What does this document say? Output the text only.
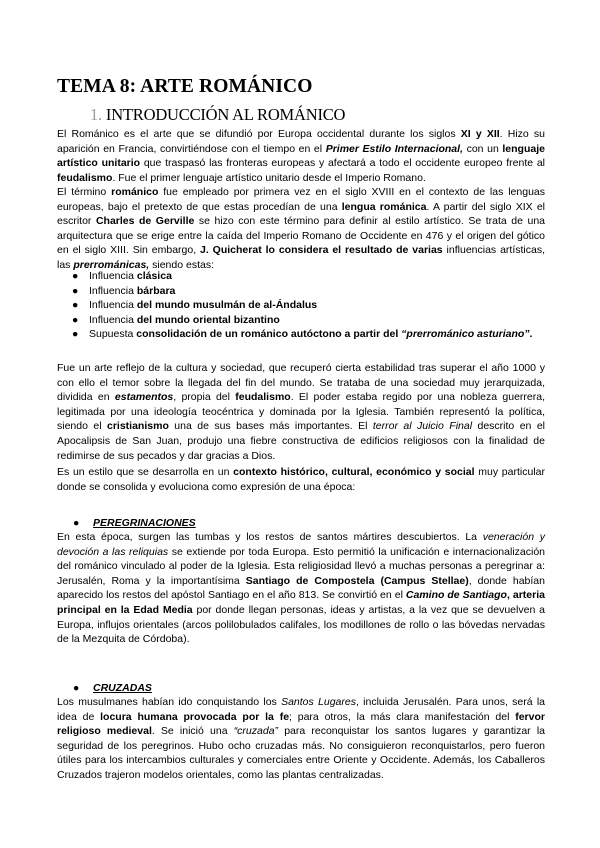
TEMA 8: ARTE ROMÁNICO
1. INTRODUCCIÓN AL ROMÁNICO

El Románico es el arte que se difundió por Europa occidental durante los siglos XI y XII. Hizo su aparición en Francia, convirtiéndose con el tiempo en el Primer Estilo Internacional, con un lenguaje artístico unitario que traspasó las fronteras europeas y afectará a todo el occidente europeo frente al feudalismo. Fue el primer lenguaje artístico unitario desde el Imperio Romano.

El término románico fue empleado por primera vez en el siglo XVIII en el contexto de las lenguas europeas, bajo el pretexto de que estas procedían de una lengua románica. A partir del siglo XIX el escritor Charles de Gerville se hizo con este término para definir al estilo artístico. Se trata de una arquitectura que se erige entre la caída del Imperio Romano de Occidente en 476 y el origen del gótico en el siglo XIII. Sin embargo, J. Quicherat lo considera el resultado de varias influencias artísticas, las prerrománicas, siendo estas:

● Influencia clásica
● Influencia bárbara
● Influencia del mundo musulmán de al-Ándalus
● Influencia del mundo oriental bizantino
● Supuesta consolidación de un románico autóctono a partir del “prerrománico asturiano”.

Fue un arte reflejo de la cultura y sociedad, que recuperó cierta estabilidad tras superar el año 1000 y con ello el temor sobre la llegada del fin del mundo. Se trataba de una sociedad muy jerarquizada, dividida en estamentos, propia del feudalismo. El poder estaba regido por una nobleza guerrera, legitimada por una ideología teocéntrica y dominada por la Iglesia. También representó la política, siendo el cristianismo una de sus bases más importantes. El terror al Juicio Final descrito en el Apocalipsis de San Juan, produjo una fiebre constructiva de edificios religiosos con la finalidad de redimirse de sus pecados y dar gracias a Dios.

Es un estilo que se desarrolla en un contexto histórico, cultural, económico y social muy particular donde se consolida y evoluciona como expresión de una época:

● PEREGRINACIONES

En esta época, surgen las tumbas y los restos de santos mártires descubiertos. La veneración y devoción a las reliquias se extiende por toda Europa. Esto permitió la unificación e internacionalización del románico vinculado al poder de la Iglesia. Esta religiosidad llevó a muchas personas a peregrinar a: Jerusalén, Roma y la importantísima Santiago de Compostela (Campus Stellae), donde habían aparecido los restos del apóstol Santiago en el año 813. Se convirtió en el Camino de Santiago, arteria principal en la Edad Media por donde llegan personas, ideas y artistas, a la vez que se devuelven a Europa, influjos orientales (arcos polilobulados califales, los modillones de rollo o las bóvedas nervadas de la Mezquita de Córdoba).

● CRUZADAS

Los musulmanes habían ido conquistando los Santos Lugares, incluida Jerusalén. Para unos, será la idea de locura humana provocada por la fe; para otros, la más clara manifestación del fervor religioso medieval. Se inició una “cruzada” para reconquistar los santos lugares y garantizar la seguridad de los peregrinos. Hubo ocho cruzadas más. No consiguieron reconquistarlos, pero fueron útiles para los intercambios culturales y comerciales entre Oriente y Occidente. Además, los Caballeros Cruzados trajeron modelos orientales, como las plantas centralizadas.
